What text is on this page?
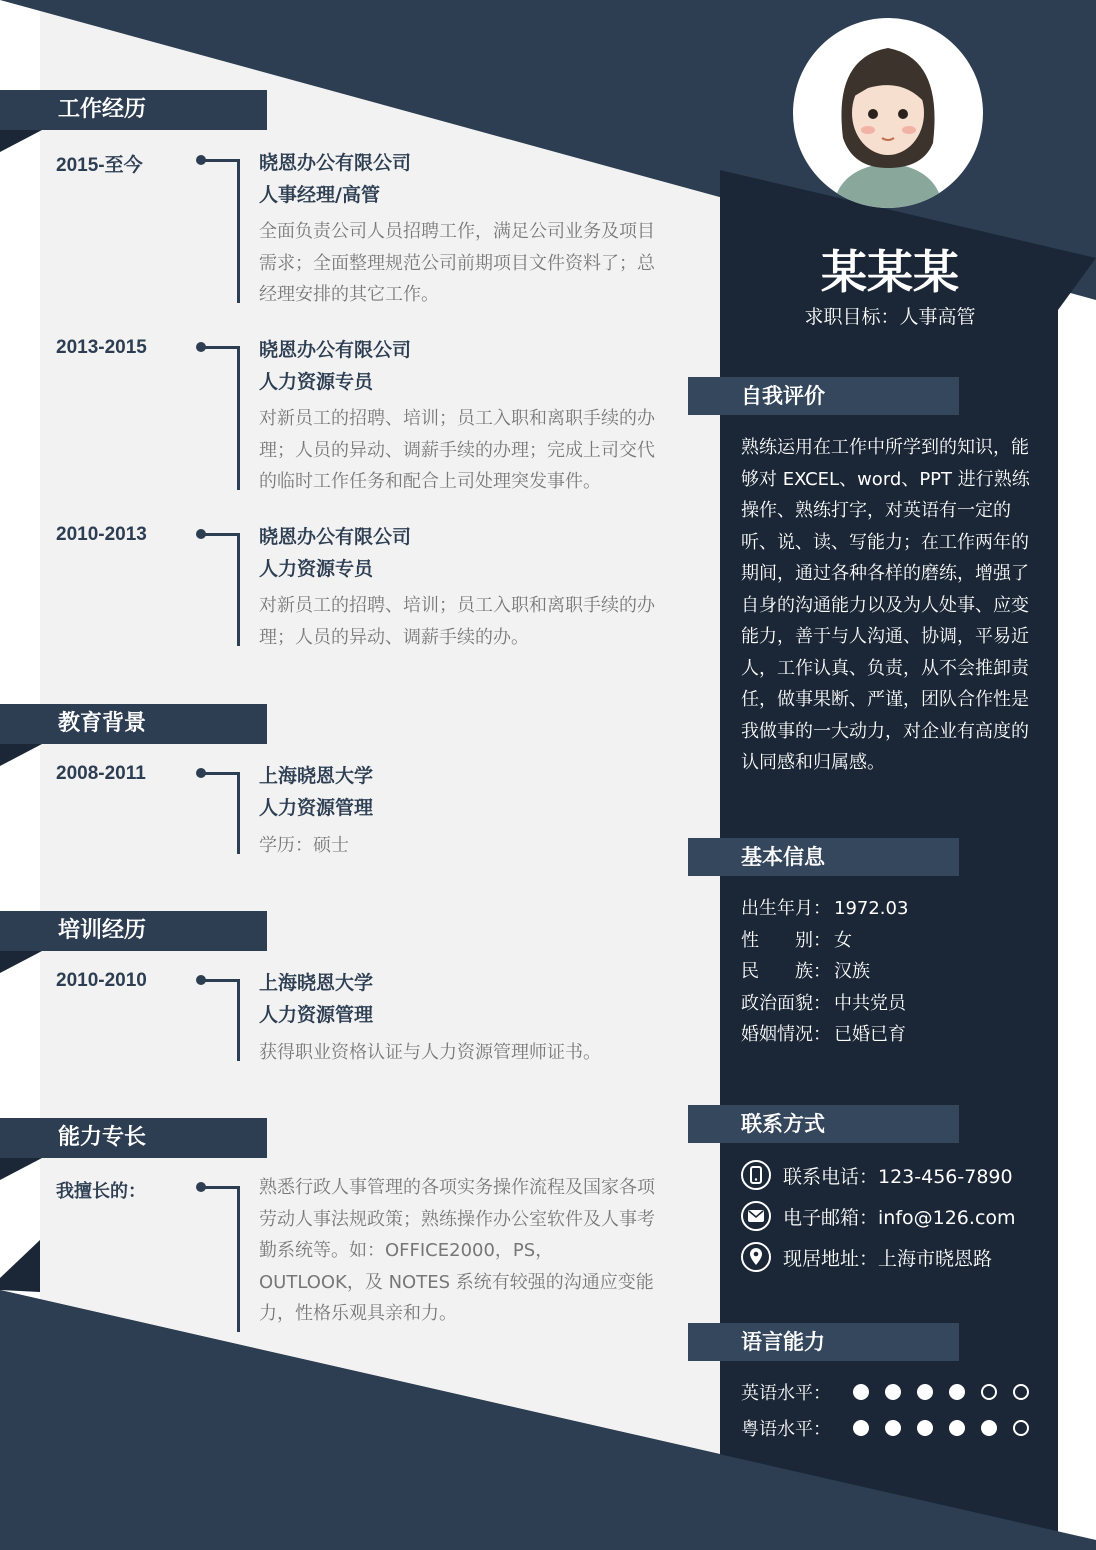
某某某
求职目标：人事高管
工作经历
2015-至今	晓恩办公有限公司
人事经理/高管
全面负责公司人员招聘工作，满足公司业务及项目需求；全面整理规范公司前期项目文件资料了；总经理安排的其它工作。
2013-2015	晓恩办公有限公司
人力资源专员
对新员工的招聘、培训；员工入职和离职手续的办理；人员的异动、调薪手续的办理；完成上司交代的临时工作任务和配合上司处理突发事件。
2010-2013	晓恩办公有限公司
人力资源专员
对新员工的招聘、培训；员工入职和离职手续的办理；人员的异动、调薪手续的办。
教育背景
2008-2011	上海晓恩大学
人力资源管理
学历：硕士
培训经历
2010-2010	上海晓恩大学
人力资源管理
获得职业资格认证与人力资源管理师证书。
能力专长
我擅长的：	熟悉行政人事管理的各项实务操作流程及国家各项劳动人事法规政策；熟练操作办公室软件及人事考勤系统等。如：OFFICE2000，PS，OUTLOOK，及 NOTES 系统有较强的沟通应变能力，性格乐观具亲和力。
自我评价
熟练运用在工作中所学到的知识，能够对 EXCEL、word、PPT 进行熟练操作、熟练打字，对英语有一定的听、说、读、写能力；在工作两年的期间，通过各种各样的磨练，增强了自身的沟通能力以及为人处事、应变能力，善于与人沟通、协调，平易近人，工作认真、负责，从不会推卸责任，做事果断、严谨，团队合作性是我做事的一大动力，对企业有高度的认同感和归属感。
基本信息
出生年月： 1972.03
性　　别： 女
民　　族： 汉族
政治面貌： 中共党员
婚姻情况： 已婚已育
联系方式
联系电话：123-456-7890
电子邮箱：info@126.com
现居地址：上海市晓恩路
语言能力
英语水平：
粤语水平：
